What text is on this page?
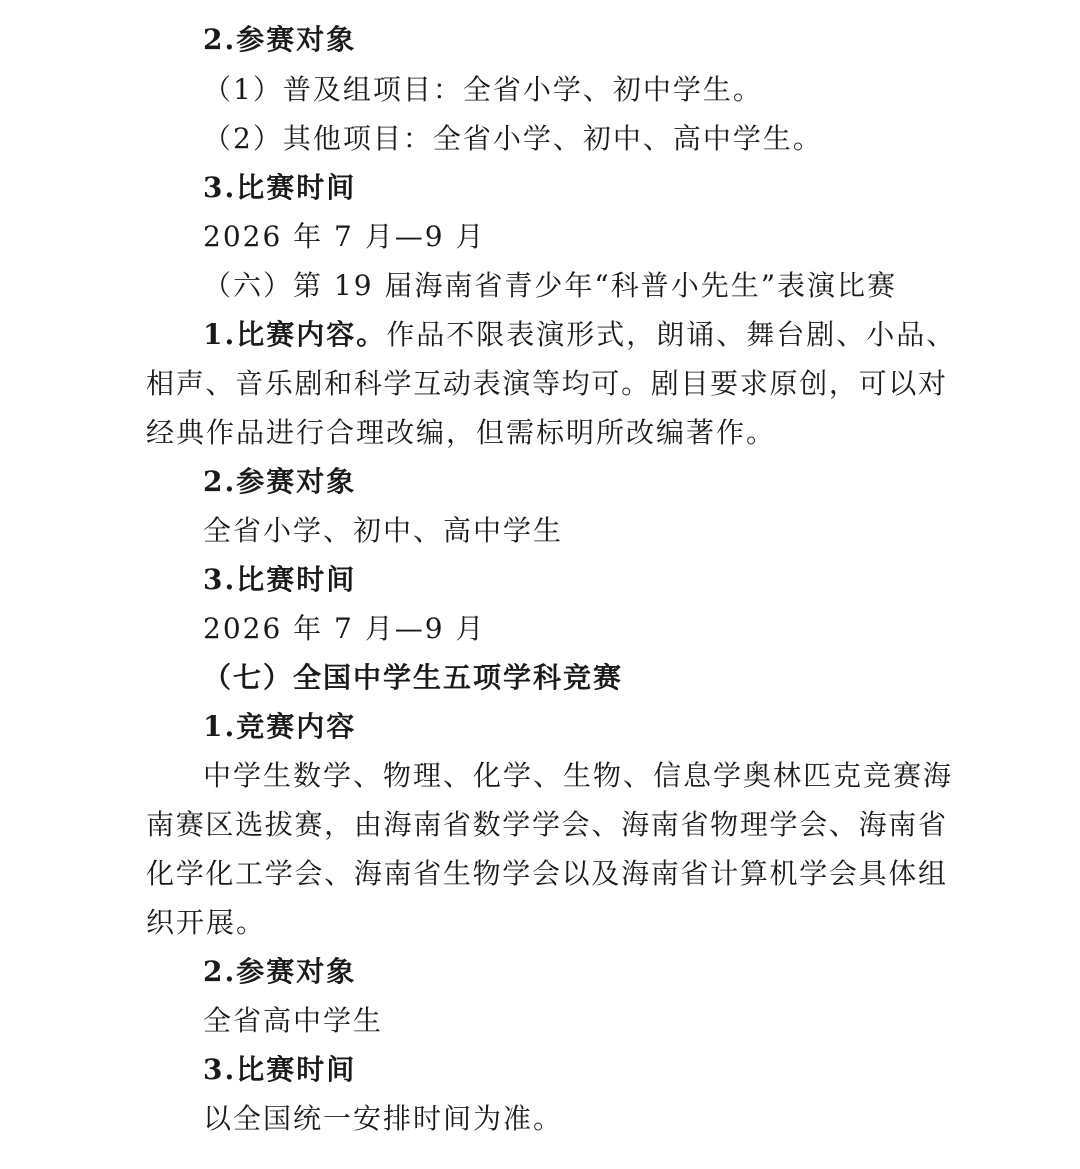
2.参赛对象
（1）普及组项目：全省小学、初中学生。
（2）其他项目：全省小学、初中、高中学生。
3.比赛时间
2026 年 7 月—9 月
（六）第 19 届海南省青少年“科普小先生”表演比赛
1.比赛内容。作品不限表演形式，朗诵、舞台剧、小品、
相声、音乐剧和科学互动表演等均可。剧目要求原创，可以对
经典作品进行合理改编，但需标明所改编著作。
2.参赛对象
全省小学、初中、高中学生
3.比赛时间
2026 年 7 月—9 月
（七）全国中学生五项学科竞赛
1.竞赛内容
中学生数学、物理、化学、生物、信息学奥林匹克竞赛海
南赛区选拔赛，由海南省数学学会、海南省物理学会、海南省
化学化工学会、海南省生物学会以及海南省计算机学会具体组
织开展。
2.参赛对象
全省高中学生
3.比赛时间
以全国统一安排时间为准。
